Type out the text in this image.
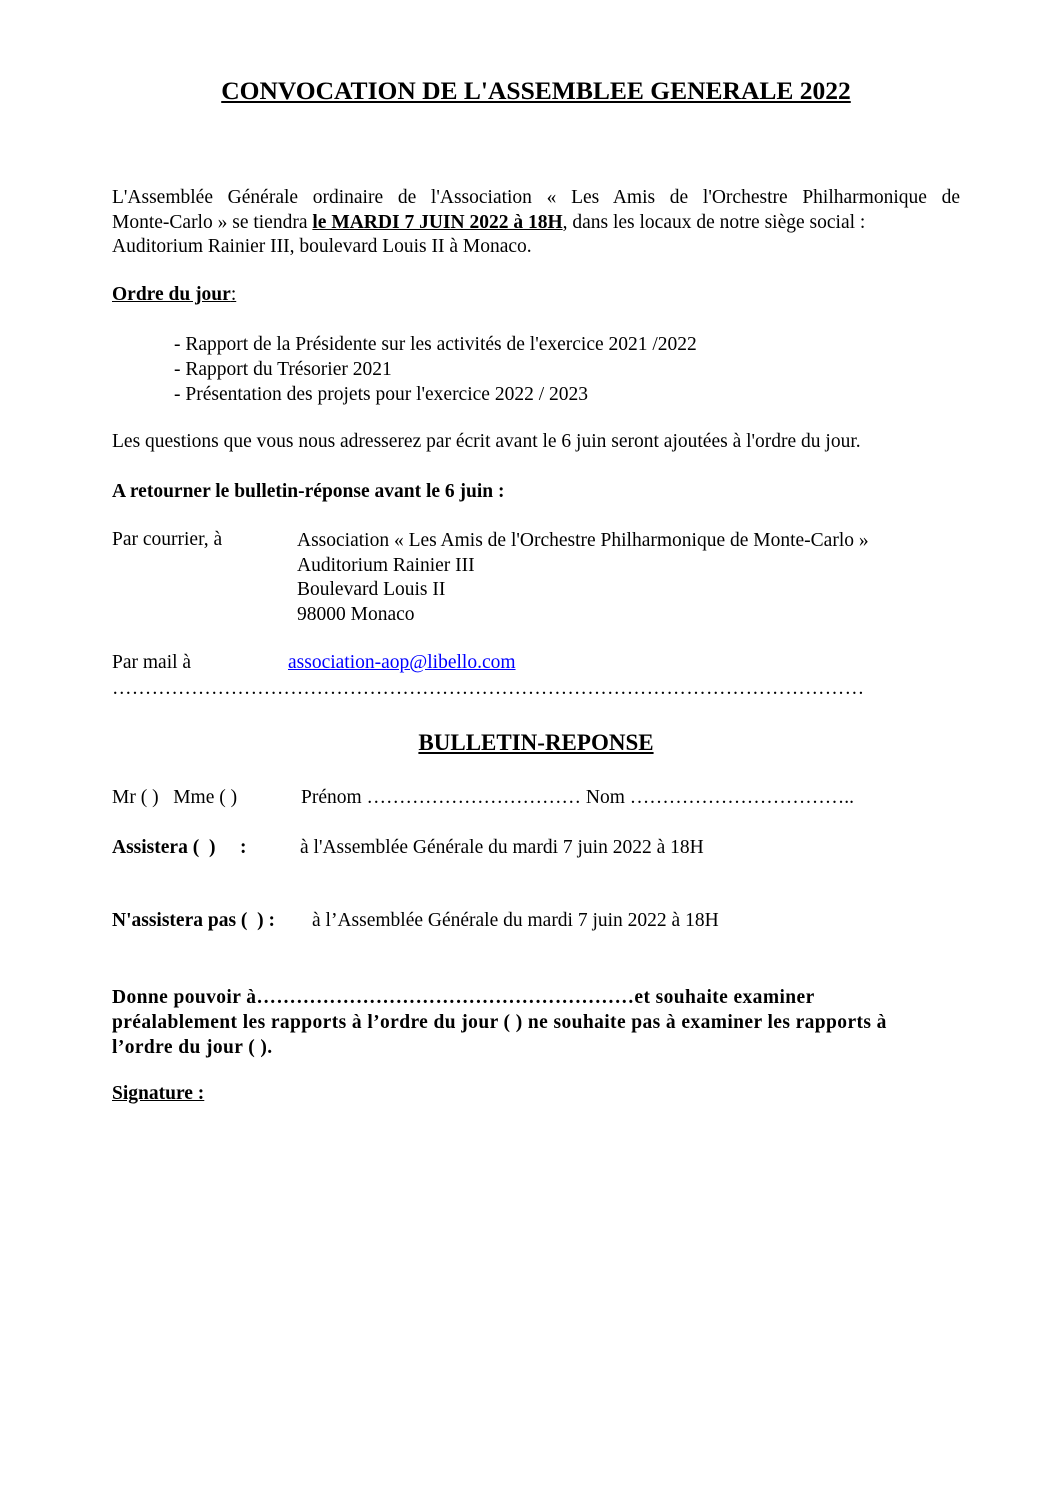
CONVOCATION DE L'ASSEMBLEE GENERALE 2022
L'Assemblée Générale ordinaire de l'Association « Les Amis de l'Orchestre Philharmonique de
Monte-Carlo » se tiendra le MARDI 7 JUIN 2022 à 18H, dans les locaux de notre siège social :
Auditorium Rainier III, boulevard Louis II à Monaco.
Ordre du jour:
- Rapport de la Présidente sur les activités de l'exercice 2021 /2022
- Rapport du Trésorier 2021
- Présentation des projets pour l'exercice 2022 / 2023
Les questions que vous nous adresserez par écrit avant le 6 juin seront ajoutées à l'ordre du jour.
A retourner le bulletin-réponse avant le 6 juin :
Par courrier, à	Association « Les Amis de l'Orchestre Philharmonique de Monte-Carlo »
Auditorium Rainier III
Boulevard Louis II
98000 Monaco
Par mail à	association-aop@libello.com
……………………………………………………………………………………………………
BULLETIN-REPONSE
Mr ( )   Mme ( )	Prénom …………………………… Nom ……………………………..
Assistera (  ) :	à l'Assemblée Générale du mardi 7 juin 2022 à 18H
N'assistera pas (  ) : à l’Assemblée Générale du mardi 7 juin 2022 à 18H
Donne pouvoir à…………………………………………………et souhaite examiner
préalablement les rapports à l’ordre du jour ( ) ne souhaite pas à examiner les rapports à
l’ordre du jour ( ).
Signature :
